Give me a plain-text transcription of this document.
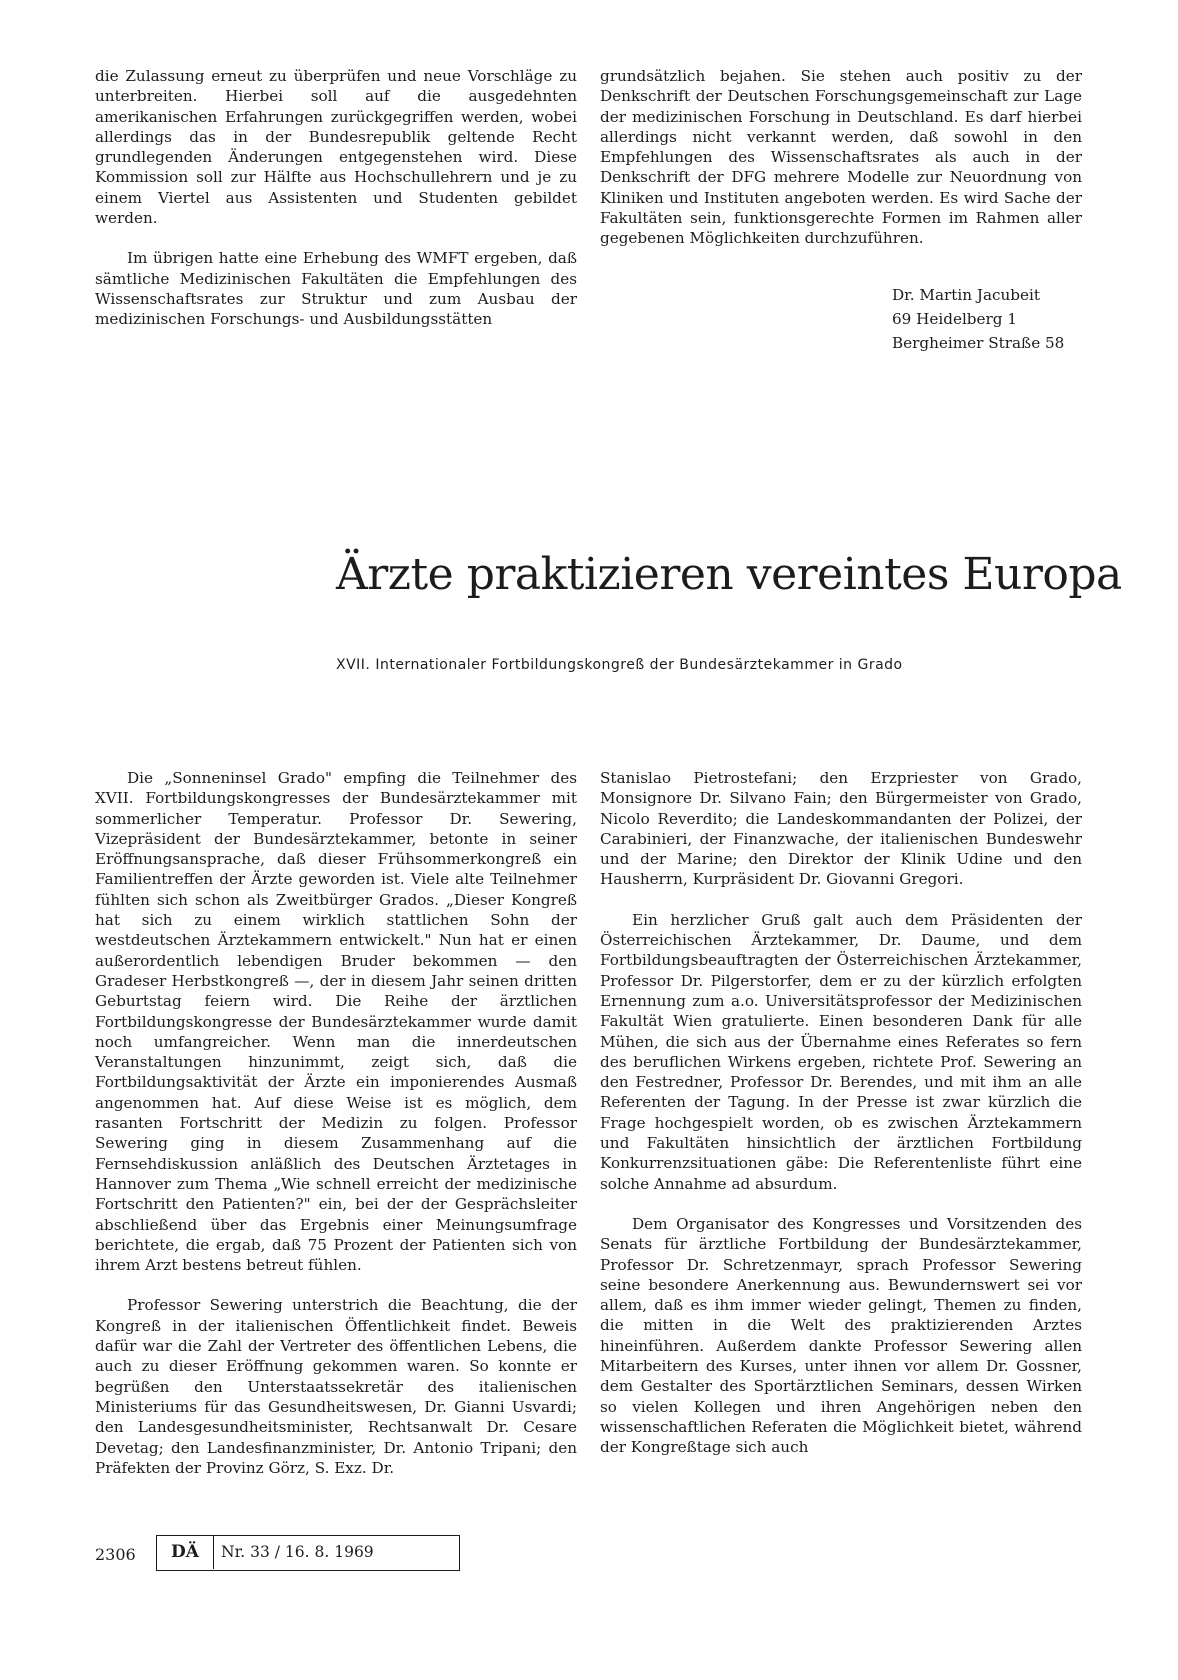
die Zulassung erneut zu überprüfen und neue Vorschläge zu unterbreiten. Hierbei soll auf die ausgedehnten amerikanischen Erfahrungen zurückgegriffen werden, wobei allerdings das in der Bundesrepublik geltende Recht grundlegenden Änderungen entgegenstehen wird. Diese Kommission soll zur Hälfte aus Hochschullehrern und je zu einem Viertel aus Assistenten und Studenten gebildet werden.

Im übrigen hatte eine Erhebung des WMFT ergeben, daß sämtliche Medizinischen Fakultäten die Empfehlungen des Wissenschaftsrates zur Struktur und zum Ausbau der medizinischen Forschungs- und Ausbildungsstätten

grundsätzlich bejahen. Sie stehen auch positiv zu der Denkschrift der Deutschen Forschungsgemeinschaft zur Lage der medizinischen Forschung in Deutschland. Es darf hierbei allerdings nicht verkannt werden, daß sowohl in den Empfehlungen des Wissenschaftsrates als auch in der Denkschrift der DFG mehrere Modelle zur Neuordnung von Kliniken und Instituten angeboten werden. Es wird Sache der Fakultäten sein, funktionsgerechte Formen im Rahmen aller gegebenen Möglichkeiten durchzuführen.

Dr. Martin Jacubeit
69 Heidelberg 1
Bergheimer Straße 58
Ärzte praktizieren vereintes Europa
XVII. Internationaler Fortbildungskongreß der Bundesärztekammer in Grado

Die „Sonneninsel Grado" empfing die Teilnehmer des XVII. Fortbildungskongresses der Bundesärztekammer mit sommerlicher Temperatur. Professor Dr. Sewering, Vizepräsident der Bundesärztekammer, betonte in seiner Eröffnungsansprache, daß dieser Frühsommerkongreß ein Familientreffen der Ärzte geworden ist. Viele alte Teilnehmer fühlten sich schon als Zweitbürger Grados. „Dieser Kongreß hat sich zu einem wirklich stattlichen Sohn der westdeutschen Ärztekammern entwickelt." Nun hat er einen außerordentlich lebendigen Bruder bekommen — den Gradeser Herbstkongreß —, der in diesem Jahr seinen dritten Geburtstag feiern wird. Die Reihe der ärztlichen Fortbildungskongresse der Bundesärztekammer wurde damit noch umfangreicher. Wenn man die innerdeutschen Veranstaltungen hinzunimmt, zeigt sich, daß die Fortbildungsaktivität der Ärzte ein imponierendes Ausmaß angenommen hat. Auf diese Weise ist es möglich, dem rasanten Fortschritt der Medizin zu folgen. Professor Sewering ging in diesem Zusammenhang auf die Fernsehdiskussion anläßlich des Deutschen Ärztetages in Hannover zum Thema „Wie schnell erreicht der medizinische Fortschritt den Patienten?" ein, bei der der Gesprächsleiter abschließend über das Ergebnis einer Meinungsumfrage berichtete, die ergab, daß 75 Prozent der Patienten sich von ihrem Arzt bestens betreut fühlen.

Professor Sewering unterstrich die Beachtung, die der Kongreß in der italienischen Öffentlichkeit findet. Beweis dafür war die Zahl der Vertreter des öffentlichen Lebens, die auch zu dieser Eröffnung gekommen waren. So konnte er begrüßen den Unterstaatssekretär des italienischen Ministeriums für das Gesundheitswesen, Dr. Gianni Usvardi; den Landesgesundheitsminister, Rechtsanwalt Dr. Cesare Devetag; den Landesfinanzminister, Dr. Antonio Tripani; den Präfekten der Provinz Görz, S. Exz. Dr.

Stanislao Pietrostefani; den Erzpriester von Grado, Monsignore Dr. Silvano Fain; den Bürgermeister von Grado, Nicolo Reverdito; die Landeskommandanten der Polizei, der Carabinieri, der Finanzwache, der italienischen Bundeswehr und der Marine; den Direktor der Klinik Udine und den Hausherrn, Kurpräsident Dr. Giovanni Gregori.

Ein herzlicher Gruß galt auch dem Präsidenten der Österreichischen Ärztekammer, Dr. Daume, und dem Fortbildungsbeauftragten der Österreichischen Ärztekammer, Professor Dr. Pilgerstorfer, dem er zu der kürzlich erfolgten Ernennung zum a.o. Universitätsprofessor der Medizinischen Fakultät Wien gratulierte. Einen besonderen Dank für alle Mühen, die sich aus der Übernahme eines Referates so fern des beruflichen Wirkens ergeben, richtete Prof. Sewering an den Festredner, Professor Dr. Berendes, und mit ihm an alle Referenten der Tagung. In der Presse ist zwar kürzlich die Frage hochgespielt worden, ob es zwischen Ärztekammern und Fakultäten hinsichtlich der ärztlichen Fortbildung Konkurrenzsituationen gäbe: Die Referentenliste führt eine solche Annahme ad absurdum.

Dem Organisator des Kongresses und Vorsitzenden des Senats für ärztliche Fortbildung der Bundesärztekammer, Professor Dr. Schretzenmayr, sprach Professor Sewering seine besondere Anerkennung aus. Bewundernswert sei vor allem, daß es ihm immer wieder gelingt, Themen zu finden, die mitten in die Welt des praktizierenden Arztes hineinführen. Außerdem dankte Professor Sewering allen Mitarbeitern des Kurses, unter ihnen vor allem Dr. Gossner, dem Gestalter des Sportärztlichen Seminars, dessen Wirken so vielen Kollegen und ihren Angehörigen neben den wissenschaftlichen Referaten die Möglichkeit bietet, während der Kongreßtage sich auch

2306	DÄ	Nr. 33 / 16. 8. 1969
